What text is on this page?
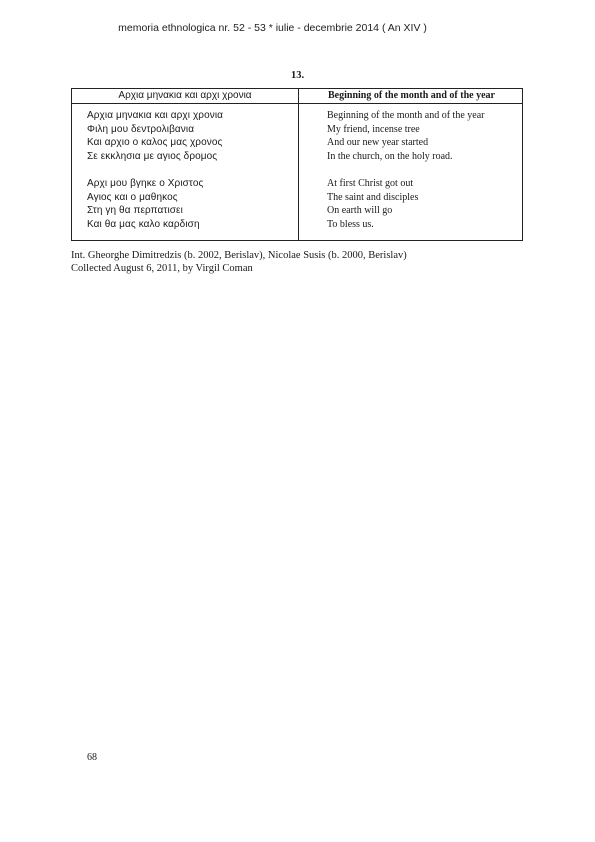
memoria ethnologica nr. 52 - 53 * iulie - decembrie 2014 ( An XIV )
13.
Αρχια μηνακια και αρχι χρονια	Beginning of the month and of the year
Αρχια μηνακια και αρχι χρονια
Φιλη μου δεντρολιβανια
Και αρχιο ο καλος μας χρονος
Σε εκκλησια με αγιος δρομος
Αρχι μου βγηκε ο Χριστος
Αγιος και ο μαθηκος
Στη γη θα περπατισει
Και θα μας καλο καρδιση
Beginning of the month and of the year
My friend, incense tree
And our new year started
In the church, on the holy road.
At first Christ got out
The saint and disciples
On earth will go
To bless us.
Int. Gheorghe Dimitredzis (b. 2002, Berislav), Nicolae Susis (b. 2000, Berislav)
Collected August 6, 2011, by Virgil Coman
68
